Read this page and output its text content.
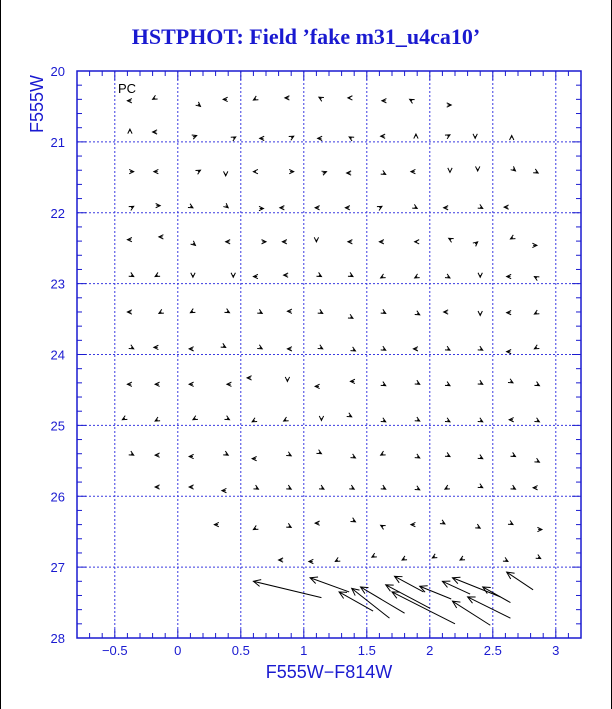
HSTPHOT: Field ’fake m31_u4ca10’
−0.5	0	0.5	1	1.5	2	2.5	3
20
21
22
23
24
25
26
27
28
PC
F555W−F814W
F555W
